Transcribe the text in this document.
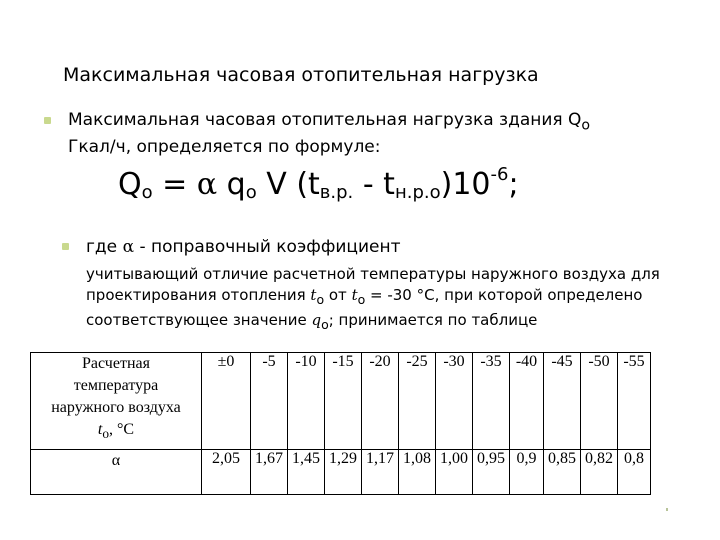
Максимальная часовая отопительная нагрузка
Максимальная часовая отопительная нагрузка здания $Q_o$
Гкал/ч, определяется по формуле:
$Q_o = \alpha$ $q_o$ V $(t_{в.р.} - t_{н.р.о})10^{-6}$;
где α - поправочный коэффициент
учитывающий отличие расчетной температуры наружного воздуха для
проектирования отопления $t_o$ от $t_o = -30$ °С, при которой определено
соответствующее значение $q_o$; принимается по таблице
Расчетная
температура
наружного воздуха
$t_o$, °С	±0	-5	-10	-15	-20	-25	-30	-35	-40	-45	-50	-55
α	2,05	1,67	1,45	1,29	1,17	1,08	1,00	0,95	0,9	0,85	0,82	0,8
